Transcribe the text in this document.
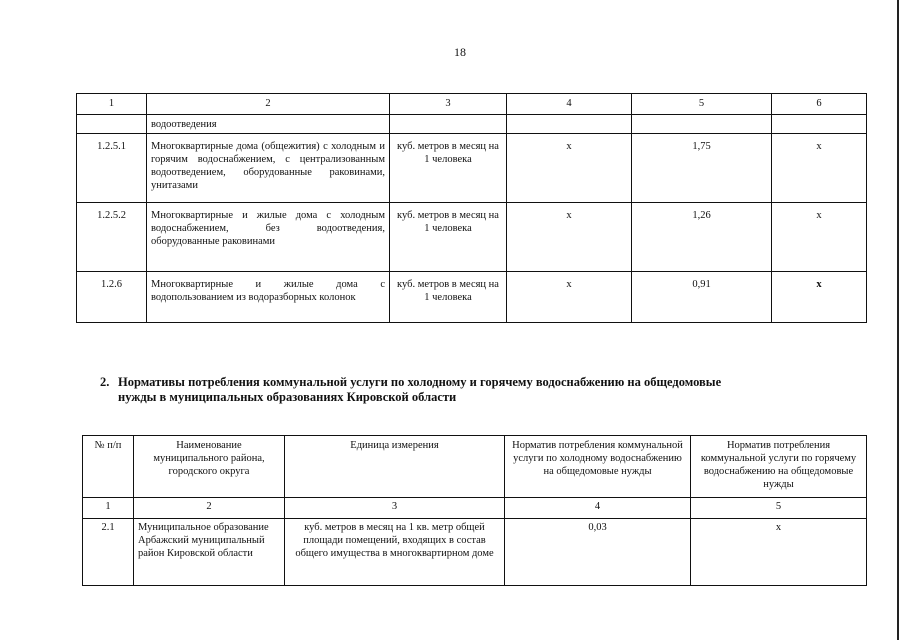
18
1	2	3	4	5	6
	водоотведения				
1.2.5.1	Многоквартирные дома (общежития) с холодным и горячим водоснабжением, с централизованным водоотведением, оборудованные раковинами, унитазами	куб. метров в месяц на 1 человека	х	1,75	х
1.2.5.2	Многоквартирные и жилые дома с холодным водоснабжением, без водоотведения, оборудованные раковинами	куб. метров в месяц на 1 человека	х	1,26	х
1.2.6	Многоквартирные и жилые дома с водопользованием из водоразборных колонок	куб. метров в месяц на 1 человека	х	0,91	х
2. Нормативы потребления коммунальной услуги по холодному и горячему водоснабжению на общедомовые
нужды в муниципальных образованиях Кировской области
№ п/п	Наименование муниципального района, городского округа	Единица измерения	Норматив потребления коммунальной услуги по холодному водоснабжению на общедомовые нужды	Норматив потребления коммунальной услуги по горячему водоснабжению на общедомовые нужды
1	2	3	4	5
2.1	Муниципальное образование Арбажский муниципальный район Кировской области	куб. метров в месяц на 1 кв. метр общей площади помещений, входящих в состав общего имущества в многоквартирном доме	0,03	х
